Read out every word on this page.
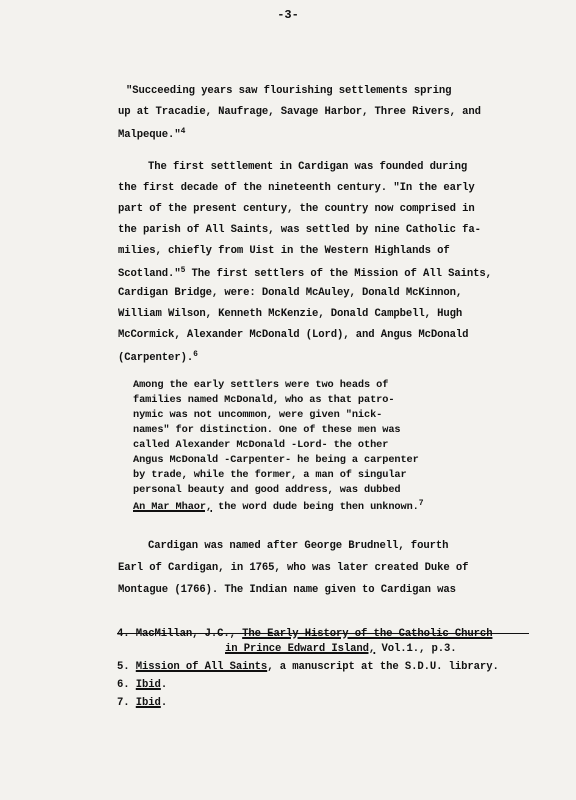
-3-
"Succeeding years saw flourishing settlements spring
up at Tracadie, Naufrage, Savage Harbor, Three Rivers, and
Malpeque."$^4$
The first settlement in Cardigan was founded during
the first decade of the nineteenth century. "In the early
part of the present century, the country now comprised in
the parish of All Saints, was settled by nine Catholic fa-
milies, chiefly from Uist in the Western Highlands of
Scotland."$^5$ The first settlers of the Mission of All Saints,
Cardigan Bridge, were: Donald McAuley, Donald McKinnon,
William Wilson, Kenneth McKenzie, Donald Campbell, Hugh
McCormick, Alexander McDonald (Lord), and Angus McDonald
(Carpenter).$^6$
Among the early settlers were two heads of
families named McDonald, who as that patro-
nymic was not uncommon, were given "nick-
names" for distinction. One of these men was
called Alexander McDonald -Lord- the other
Angus McDonald -Carpenter- he being a carpenter
by trade, while the former, a man of singular
personal beauty and good address, was dubbed
An Mar Mhaor, the word dude being then unknown.$^7$
Cardigan was named after George Brudnell, fourth
Earl of Cardigan, in 1765, who was later created Duke of
Montague (1766). The Indian name given to Cardigan was
4. MacMillan, J.C., The Early History of the Catholic Church
in Prince Edward Island, Vol.1., p.3.
5. Mission of All Saints, a manuscript at the S.D.U. library.
6. Ibid.
7. Ibid.
